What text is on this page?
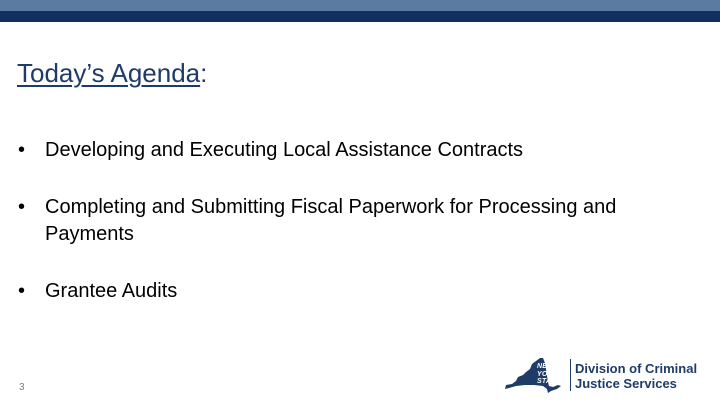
Today’s Agenda:
• Developing and Executing Local Assistance Contracts
• Completing and Submitting Fiscal Paperwork for Processing and Payments
• Grantee Audits
3
NEW
YORK
STATE
Division of Criminal
Justice Services
